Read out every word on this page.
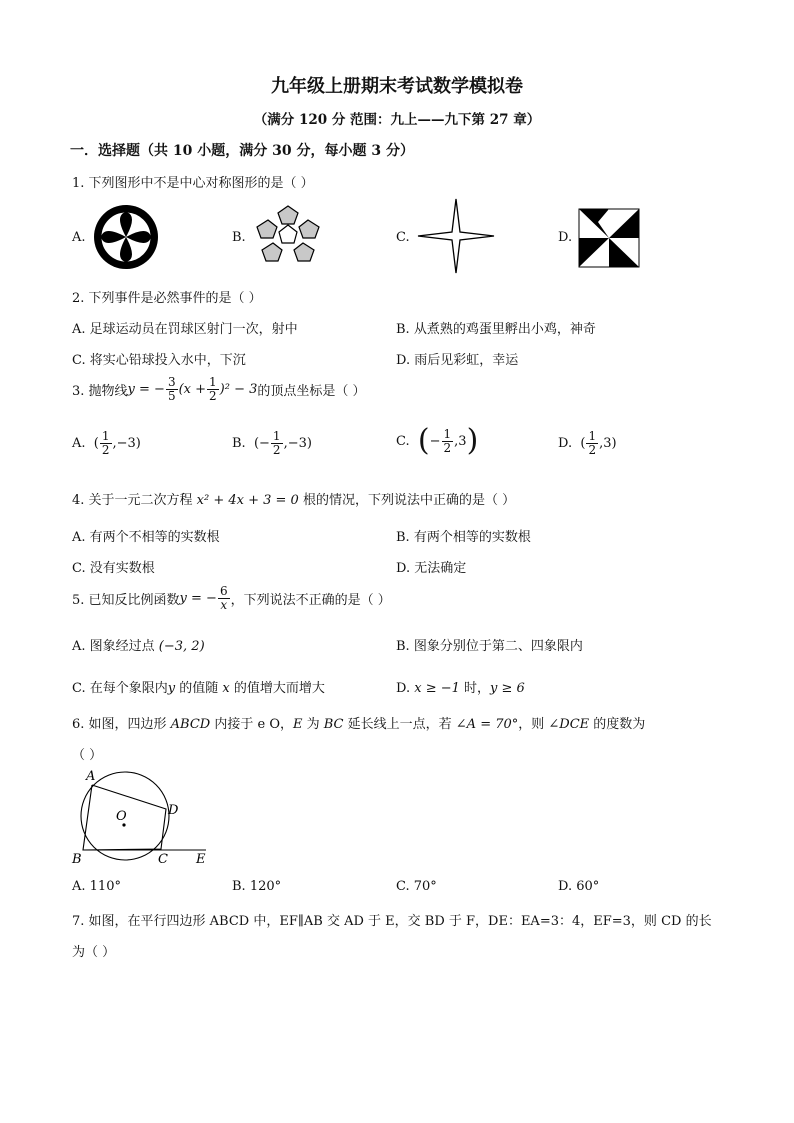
九年级上册期末考试数学模拟卷
（满分 120 分 范围：九上——九下第 27 章）
一．选择题（共 10 小题，满分 30 分，每小题 3 分）
1. 下列图形中不是中心对称图形的是（ ）
A.	B.	C.	D.
2. 下列事件是必然事件的是（ ）
A. 足球运动员在罚球区射门一次，射中	B. 从煮熟的鸡蛋里孵出小鸡，神奇
C. 将实心铅球投入水中，下沉	D. 雨后见彩虹，幸运
3. 抛物线 y = − $\frac{3}{5} (x + \frac{1}{2} )^2 - 3$ 的顶点坐标是（ ）
A. ( $\frac{1}{2} ,-3$)	B. (− $\frac{1}{2} ,-3$)	C.
( − $\frac{1}{2} ,3$ )	D. ( $\frac{1}{2} ,3$)
4. 关于一元二次方程 x² + 4x + 3 = 0 根的情况，下列说法中正确的是（ ）
A. 有两个不相等的实数根	B. 有两个相等的实数根
C. 没有实数根	D. 无法确定
5. 已知反比例函数 y = − $\frac{6}{x}$ ，下列说法不正确的是（ ）
A. 图象经过点 (−3, 2)	B. 图象分别位于第二、四象限内
C. 在每个象限内y 的值随 x 的值增大而增大	D. x ≥ −1 时，y ≥ 6
6. 如图，四边形 ABCD 内接于 e O，E 为 BC 延长线上一点，若 ∠A = 70°，则 ∠DCE 的度数为
（ ）
A
D
O
B	C E
A. 110°	B. 120°	C. 70°	D. 60°
7. 如图，在平行四边形 ABCD 中，EF∥AB 交 AD 于 E，交 BD 于 F，DE：EA=3：4，EF=3，则 CD 的长
为（ ）
